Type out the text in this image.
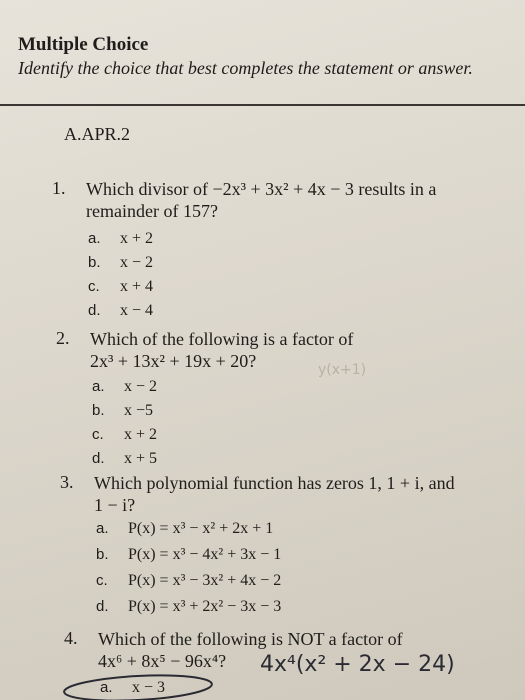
Multiple Choice
Identify the choice that best completes the statement or answer.
A.APR.2
1. Which divisor of −2x³ + 3x² + 4x − 3 results in a
remainder of 157?
a. x + 2
b. x − 2
c. x + 4
d. x − 4
2. Which of the following is a factor of
2x³ + 13x² + 19x + 20?
a. x − 2
b. x −5
c. x + 2
d. x + 5
y(x+1)
3. Which polynomial function has zeros 1, 1 + i, and
1 − i?
a. P(x) = x³ − x² + 2x + 1
b. P(x) = x³ − 4x² + 3x − 1
c. P(x) = x³ − 3x² + 4x − 2
d. P(x) = x³ + 2x² − 3x − 3
4. Which of the following is NOT a factor of
4x⁶ + 8x⁵ − 96x⁴?
a. x − 3
4x⁴(x² + 2x − 24)
